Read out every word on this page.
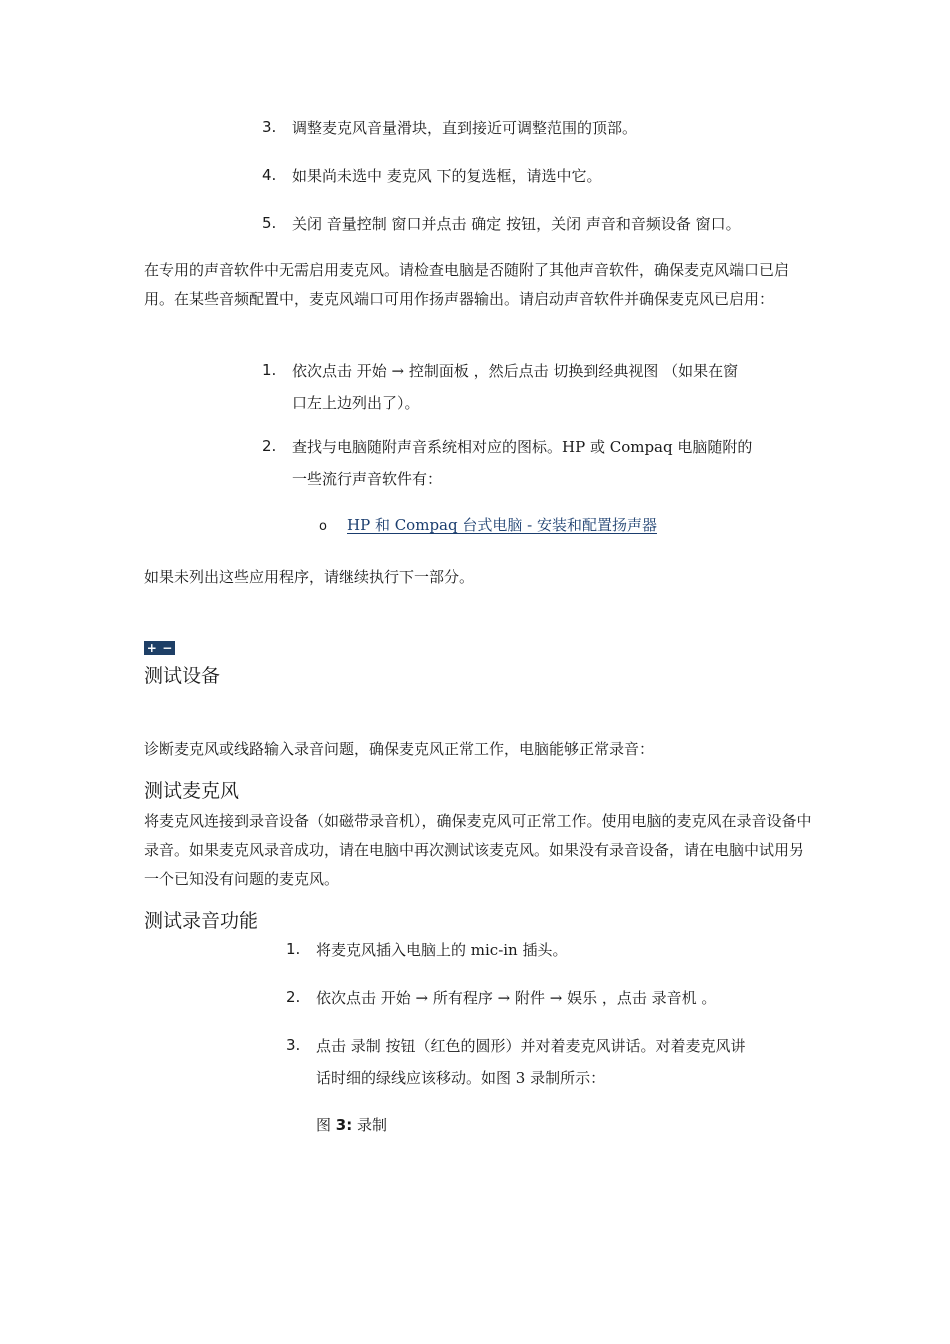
3.	调整麦克风音量滑块，直到接近可调整范围的顶部。
4.	如果尚未选中 麦克风 下的复选框，请选中它。
5.	关闭 音量控制 窗口并点击 确定 按钮，关闭 声音和音频设备 窗口。
在专用的声音软件中无需启用麦克风。请检查电脑是否随附了其他声音软件，确保麦克风端口已启用。在某些音频配置中，麦克风端口可用作扬声器输出。请启动声音软件并确保麦克风已启用：
1.	依次点击 开始 → 控制面板 ，然后点击 切换到经典视图 （如果在窗
口左上边列出了）。
2.	查找与电脑随附声音系统相对应的图标。HP 或 Compaq 电脑随附的
一些流行声音软件有：
o HP 和 Compaq 台式电脑 - 安装和配置扬声器
如果未列出这些应用程序，请继续执行下一部分。
+ −
测试设备
诊断麦克风或线路输入录音问题，确保麦克风正常工作，电脑能够正常录音：
测试麦克风
将麦克风连接到录音设备（如磁带录音机），确保麦克风可正常工作。使用电脑的麦克风在录音设备中录音。如果麦克风录音成功，请在电脑中再次测试该麦克风。如果没有录音设备，请在电脑中试用另一个已知没有问题的麦克风。
测试录音功能
1.	将麦克风插入电脑上的 mic-in 插头。
2.	依次点击 开始 → 所有程序 → 附件 → 娱乐 ，点击 录音机 。
3.	点击 录制 按钮（红色的圆形）并对着麦克风讲话。对着麦克风讲
话时细的绿线应该移动。如图 3 录制所示：
图 3: 录制
